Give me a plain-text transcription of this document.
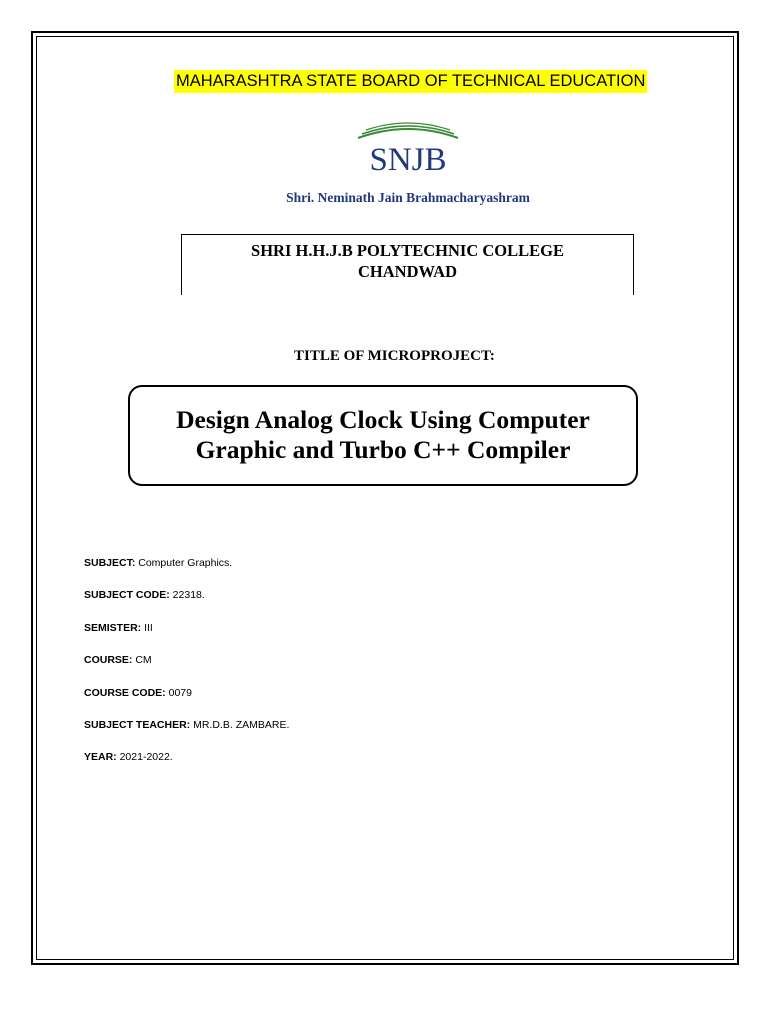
MAHARASHTRA STATE BOARD OF TECHNICAL EDUCATION
SNJB
Shri. Neminath Jain Brahmacharyashram
SHRI H.H.J.B POLYTECHNIC COLLEGE
CHANDWAD
TITLE OF MICROPROJECT:
Design Analog Clock Using Computer
Graphic and Turbo C++ Compiler
SUBJECT: Computer Graphics.
SUBJECT CODE: 22318.
SEMISTER: III
COURSE: CM
COURSE CODE: 0079
SUBJECT TEACHER: MR.D.B. ZAMBARE.
YEAR: 2021-2022.
